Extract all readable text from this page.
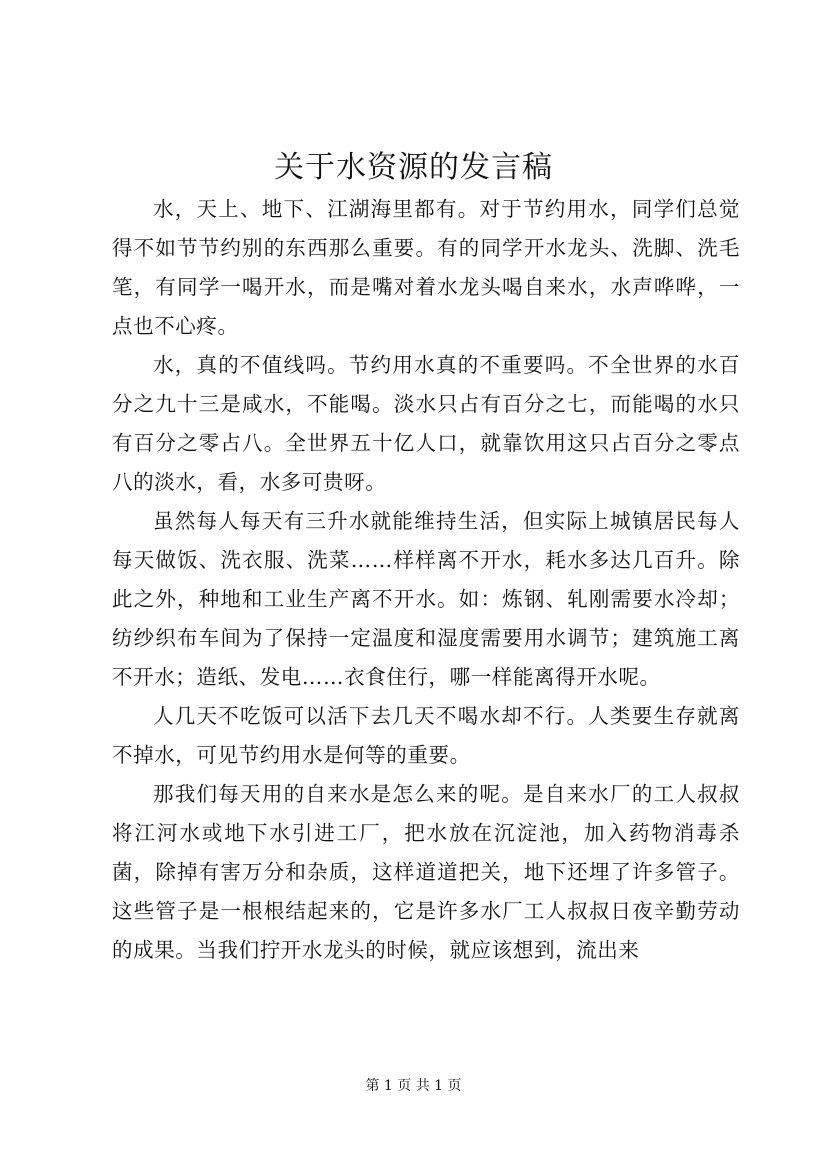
关于水资源的发言稿

水，天上、地下、江湖海里都有。对于节约用水，同学们总觉得不如节节约别的东西那么重要。有的同学开水龙头、洗脚、洗毛笔，有同学一喝开水，而是嘴对着水龙头喝自来水，水声哗哗，一点也不心疼。

水，真的不值线吗。节约用水真的不重要吗。不全世界的水百分之九十三是咸水，不能喝。淡水只占有百分之七，而能喝的水只有百分之零占八。全世界五十亿人口，就靠饮用这只占百分之零点八的淡水，看，水多可贵呀。

虽然每人每天有三升水就能维持生活，但实际上城镇居民每人每天做饭、洗衣服、洗菜……样样离不开水，耗水多达几百升。除此之外，种地和工业生产离不开水。如：炼钢、轧刚需要水冷却；纺纱织布车间为了保持一定温度和湿度需要用水调节；建筑施工离不开水；造纸、发电……衣食住行，哪一样能离得开水呢。

人几天不吃饭可以活下去几天不喝水却不行。人类要生存就离不掉水，可见节约用水是何等的重要。

那我们每天用的自来水是怎么来的呢。是自来水厂的工人叔叔将江河水或地下水引进工厂，把水放在沉淀池，加入药物消毒杀菌，除掉有害万分和杂质，这样道道把关，地下还埋了许多管子。这些管子是一根根结起来的，它是许多水厂工人叔叔日夜辛勤劳动的成果。当我们拧开水龙头的时候，就应该想到，流出来

第 1 页 共 1 页
